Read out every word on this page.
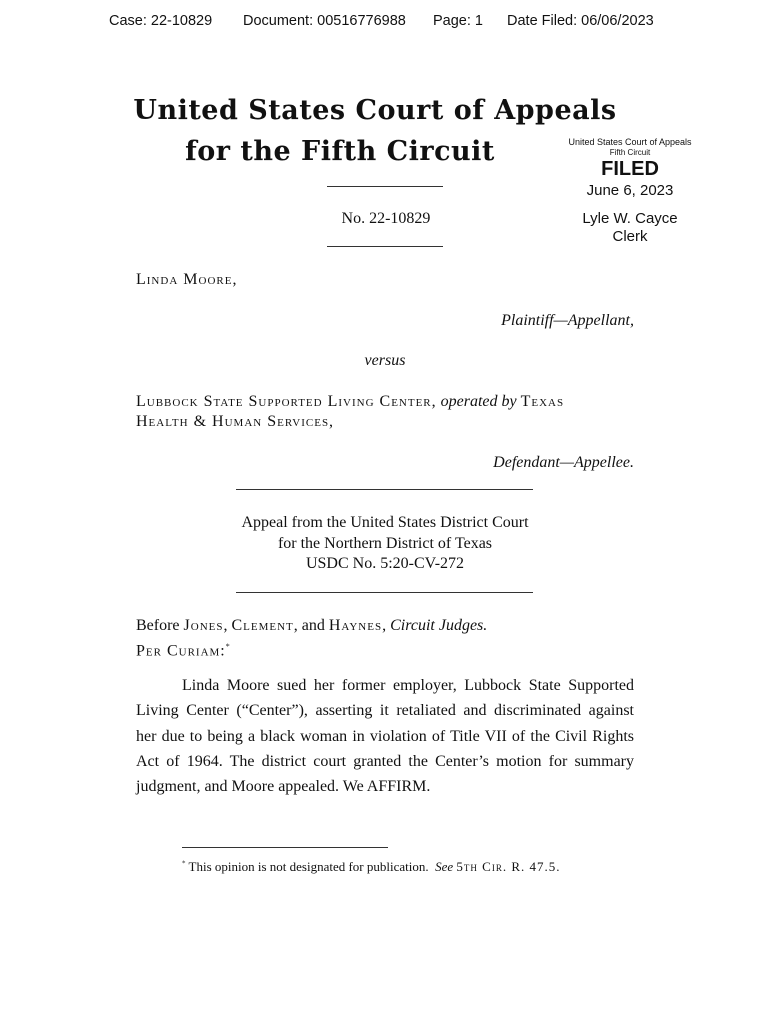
Case: 22-10829 Document: 00516776988 Page: 1 Date Filed: 06/06/2023
United States Court of Appeals
for the Fifth Circuit	United States Court of Appeals
Fifth Circuit
FILED
June 6, 2023
Lyle W. Cayce
Clerk
No. 22-10829
Linda Moore,
Plaintiff—Appellant,
versus
Lubbock State Supported Living Center, operated by Texas
Health & Human Services,
Defendant—Appellee.
Appeal from the United States District Court
for the Northern District of Texas
USDC No. 5:20-CV-272
Before Jones, Clement, and Haynes, Circuit Judges.
Per Curiam:*
Linda Moore sued her former employer, Lubbock State Supported
Living Center (“Center”), asserting it retaliated and discriminated against
her due to being a black woman in violation of Title VII of the Civil Rights
Act of 1964. The district court granted the Center’s motion for summary
judgment, and Moore appealed. We AFFIRM.
* This opinion is not designated for publication. See 5th Cir. R. 47.5.
